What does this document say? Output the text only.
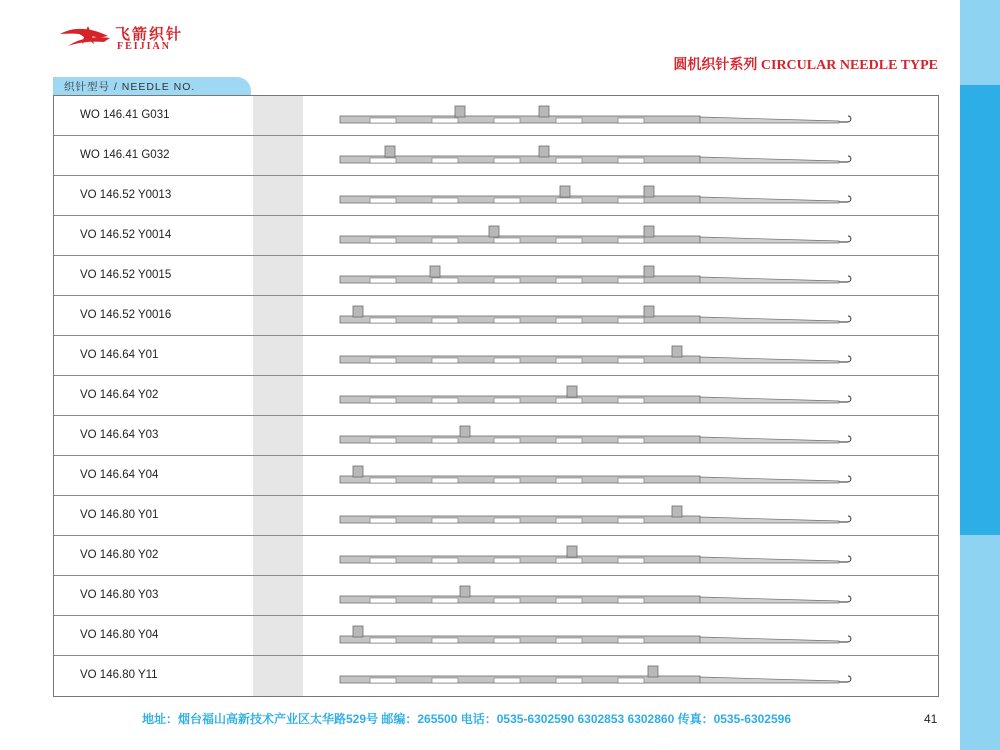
YONGCHANG PRECISION KNITTING NEEDLE
飞箭织针
FEIJIAN
圆机织针系列 CIRCULAR NEEDLE TYPE
织针型号 / NEEDLE NO.
WO 146.41 G031
WO 146.41 G032
VO 146.52 Y0013
VO 146.52 Y0014
VO 146.52 Y0015
VO 146.52 Y0016
VO 146.64 Y01
VO 146.64 Y02
VO 146.64 Y03
VO 146.64 Y04
VO 146.80 Y01
VO 146.80 Y02
VO 146.80 Y03
VO 146.80 Y04
VO 146.80 Y11
地址：烟台福山高新技术产业区太华路529号 邮编：265500 电话：0535-6302590 6302853 6302860 传真：0535-6302596	41
